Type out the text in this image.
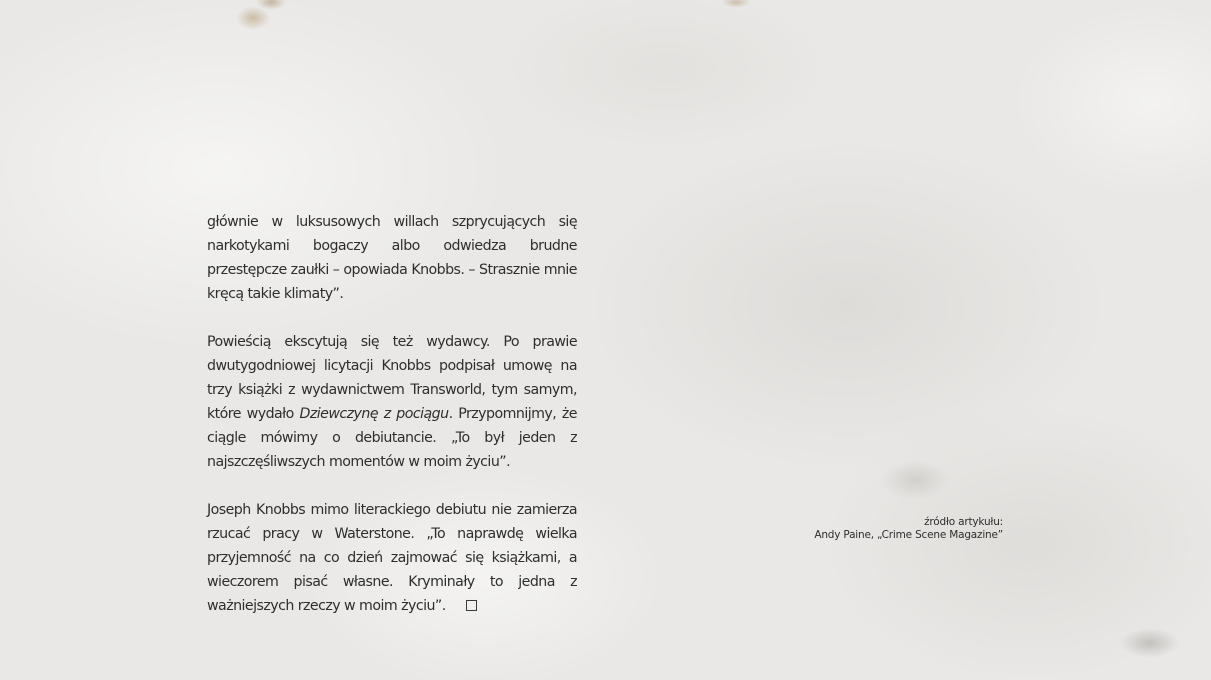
głównie w luksusowych willach szprycujących się narkotykami bogaczy albo odwiedza brudne przestępcze zaułki – opowiada Knobbs. – Strasznie mnie kręcą takie klimaty”.

Powieścią ekscytują się też wydawcy. Po prawie dwutygodniowej licytacji Knobbs podpisał umowę na trzy książki z wydawnictwem Transworld, tym samym, które wydało Dziewczynę z pociągu. Przypomnijmy, że ciągle mówimy o debiutancie. „To był jeden z najszczęśliwszych momentów w moim życiu”.

Joseph Knobbs mimo literackiego debiutu nie zamierza rzucać pracy w Waterstone. „To naprawdę wielka przyjemność na co dzień zajmować się książkami, a wieczorem pisać własne. Kryminały to jedna z ważniejszych rzeczy w moim życiu”.

źródło artykułu:
Andy Paine, „Crime Scene Magazine”
